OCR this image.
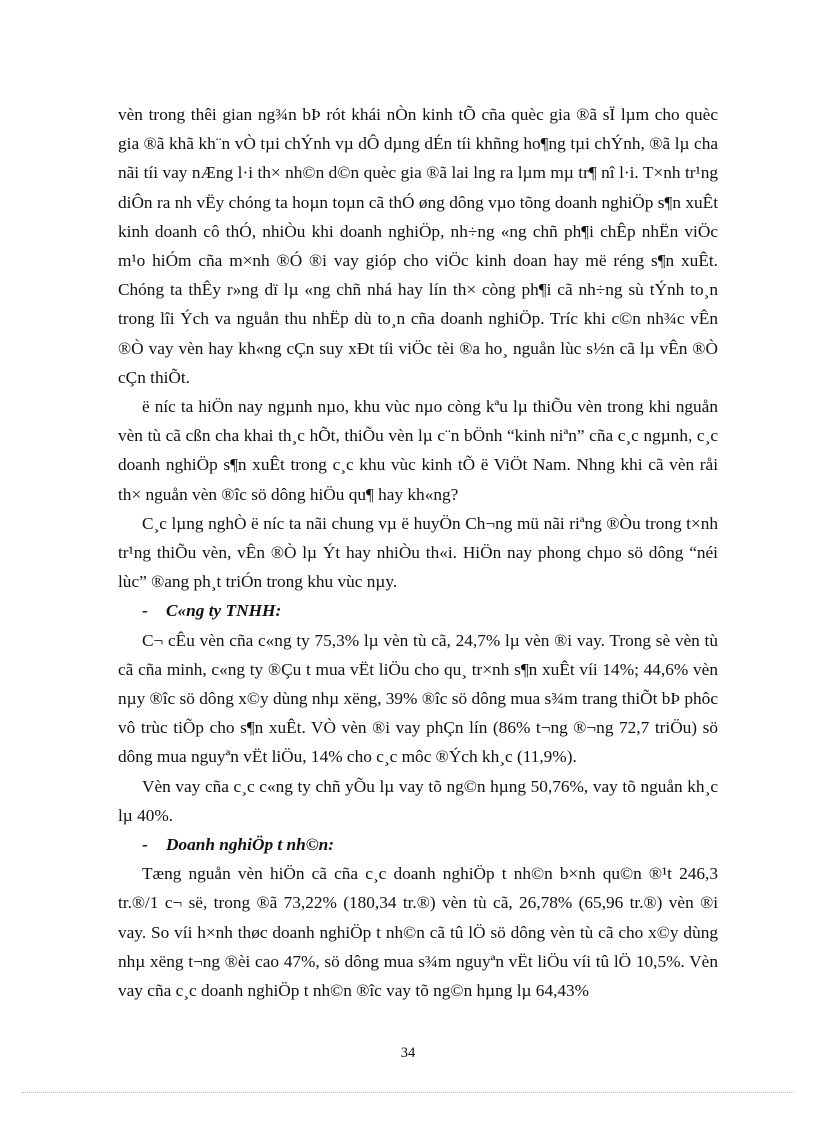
vèn trong thêi gian ng¾n bÞ rót khái nÒn kinh tÕ cña quèc gia ®ã sÏ lµm cho quèc gia ®ã khã kh¨n vÒ tµi chÝnh vµ dÔ dµng dÉn tíi khñng ho¶ng tµi chÝnh, ®ã lµ cha nãi tíi vay nÆng l·i th× nh©n d©n quèc gia ®ã lai lng ra lµm mµ tr¶ nî l·i. T×nh tr¹ng diÔn ra nh vËy chóng ta hoµn toµn cã thÓ øng dông vµo tõng doanh nghiÖp s¶n xuÊt kinh doanh cô thÓ, nhiÒu khi doanh nghiÖp, nh÷ng «ng chñ ph¶i chÊp nhËn viÖc m¹o hiÓm cña m×nh ®Ó ®i vay gióp cho viÖc kinh doan hay më réng s¶n xuÊt. Chóng ta thÊy r»ng dï lµ «ng chñ nhá hay lín th× còng ph¶i cã nh÷ng sù tÝnh to¸n trong lîi Ých va nguån thu nhËp dù to¸n cña doanh nghiÖp. Tríc khi c©n nh¾c vÊn ®Ò vay vèn hay kh«ng cÇn suy xÐt tíi viÖc tèi ®a ho¸ nguån lùc s½n cã lµ vÊn ®Ò cÇn thiÕt.

ë níc ta hiÖn nay ngµnh nµo, khu vùc nµo còng kªu lµ thiÕu vèn trong khi nguån vèn tù cã cßn cha khai th¸c hÕt, thiÕu vèn lµ c¨n bÖnh “kinh niªn” cña c¸c ngµnh, c¸c doanh nghiÖp s¶n xuÊt trong c¸c khu vùc kinh tÕ ë ViÖt Nam. Nhng khi cã vèn råi th× nguån vèn ®îc sö dông hiÖu qu¶ hay kh«ng?

C¸c lµng nghÒ ë níc ta nãi chung vµ ë huyÖn Ch¬ng mü nãi riªng ®Òu trong t×nh tr¹ng thiÕu vèn, vÊn ®Ò lµ Ýt hay nhiÒu th«i. HiÖn nay phong chµo sö dông “néi lùc” ®ang ph¸t triÓn trong khu vùc nµy.

- C«ng ty TNHH:

C¬ cÊu vèn cña c«ng ty 75,3% lµ vèn tù cã, 24,7% lµ vèn ®i vay. Trong sè vèn tù cã cña minh, c«ng ty ®Çu t mua vËt liÖu cho qu¸ tr×nh s¶n xuÊt víi 14%; 44,6% vèn nµy ®îc sö dông x©y dùng nhµ xëng, 39% ®îc sö dông mua s¾m trang thiÕt bÞ phôc vô trùc tiÕp cho s¶n xuÊt. VÒ vèn ®i vay phÇn lín (86% t¬ng ®¬ng 72,7 triÖu) sö dông mua nguyªn vËt liÖu, 14% cho c¸c môc ®Ých kh¸c (11,9%).

Vèn vay cña c¸c c«ng ty chñ yÕu lµ vay tõ ng©n hµng 50,76%, vay tõ nguån kh¸c lµ 40%.

- Doanh nghiÖp t nh©n:

Tæng nguån vèn hiÖn cã cña c¸c doanh nghiÖp t nh©n b×nh qu©n ®¹t 246,3 tr.®/1 c¬ së, trong ®ã 73,22% (180,34 tr.®) vèn tù cã, 26,78% (65,96 tr.®) vèn ®i vay. So víi h×nh thøc doanh nghiÖp t nh©n cã tû lÖ sö dông vèn tù cã cho x©y dùng nhµ xëng t¬ng ®èi cao 47%, sö dông mua s¾m nguyªn vËt liÖu víi tû lÖ 10,5%. Vèn vay cña c¸c doanh nghiÖp t nh©n ®îc vay tõ ng©n hµng lµ 64,43%

34
